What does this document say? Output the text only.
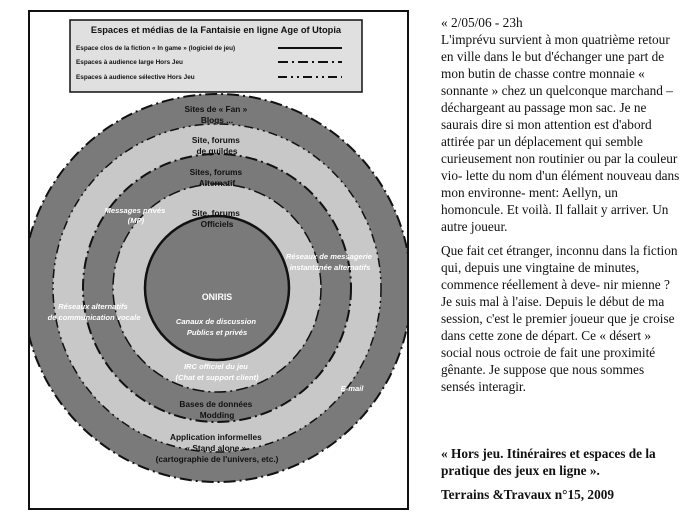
Espaces et médias de la Fantaisie en ligne Age of Utopia
Espace clos de la fiction « In game » (logiciel de jeu)
Espaces à audience large Hors Jeu
Espaces à audience sélective Hors Jeu
Sites de « Fan » Blogs ...
Site, forums de guildes
Sites, forums Alternatif
Site, forums Officiels
Messages privés (MP)
Réseaux de messagerie instantanée alternatifs
Réseaux alternatifs de communication vocale
ONIRIS
Canaux de discussion Publics et privés
IRC officiel du jeu (Chat et support client)
Bases de données Modding
E-mail
Application informelles « Stand alone » (cartographie de l'univers, etc.)

« 2/05/06 - 23h

L'imprévu survient à mon quatrième retour en ville dans le but d'échanger une part de mon butin de chasse contre monnaie « sonnante » chez un quelconque marchand – déchargeant au passage mon sac. Je ne saurais dire si mon attention est d'abord attirée par un déplacement qui semble curieusement non routinier ou par la couleur vio- lette du nom d'un élément nouveau dans mon environne- ment: Aellyn, un homoncule. Et voilà. Il fallait y arriver. Un autre joueur.

Que fait cet étranger, inconnu dans la fiction qui, depuis une vingtaine de minutes, commence réellement à deve- nir mienne ? Je suis mal à l'aise. Depuis le début de ma session, c'est le premier joueur que je croise dans cette zone de départ. Ce « désert » social nous octroie de fait une proximité gênante. Je suppose que nous sommes sensés interagir.

« Hors jeu. Itinéraires et espaces de la pratique des jeux en ligne ».
Terrains &Travaux n°15, 2009
